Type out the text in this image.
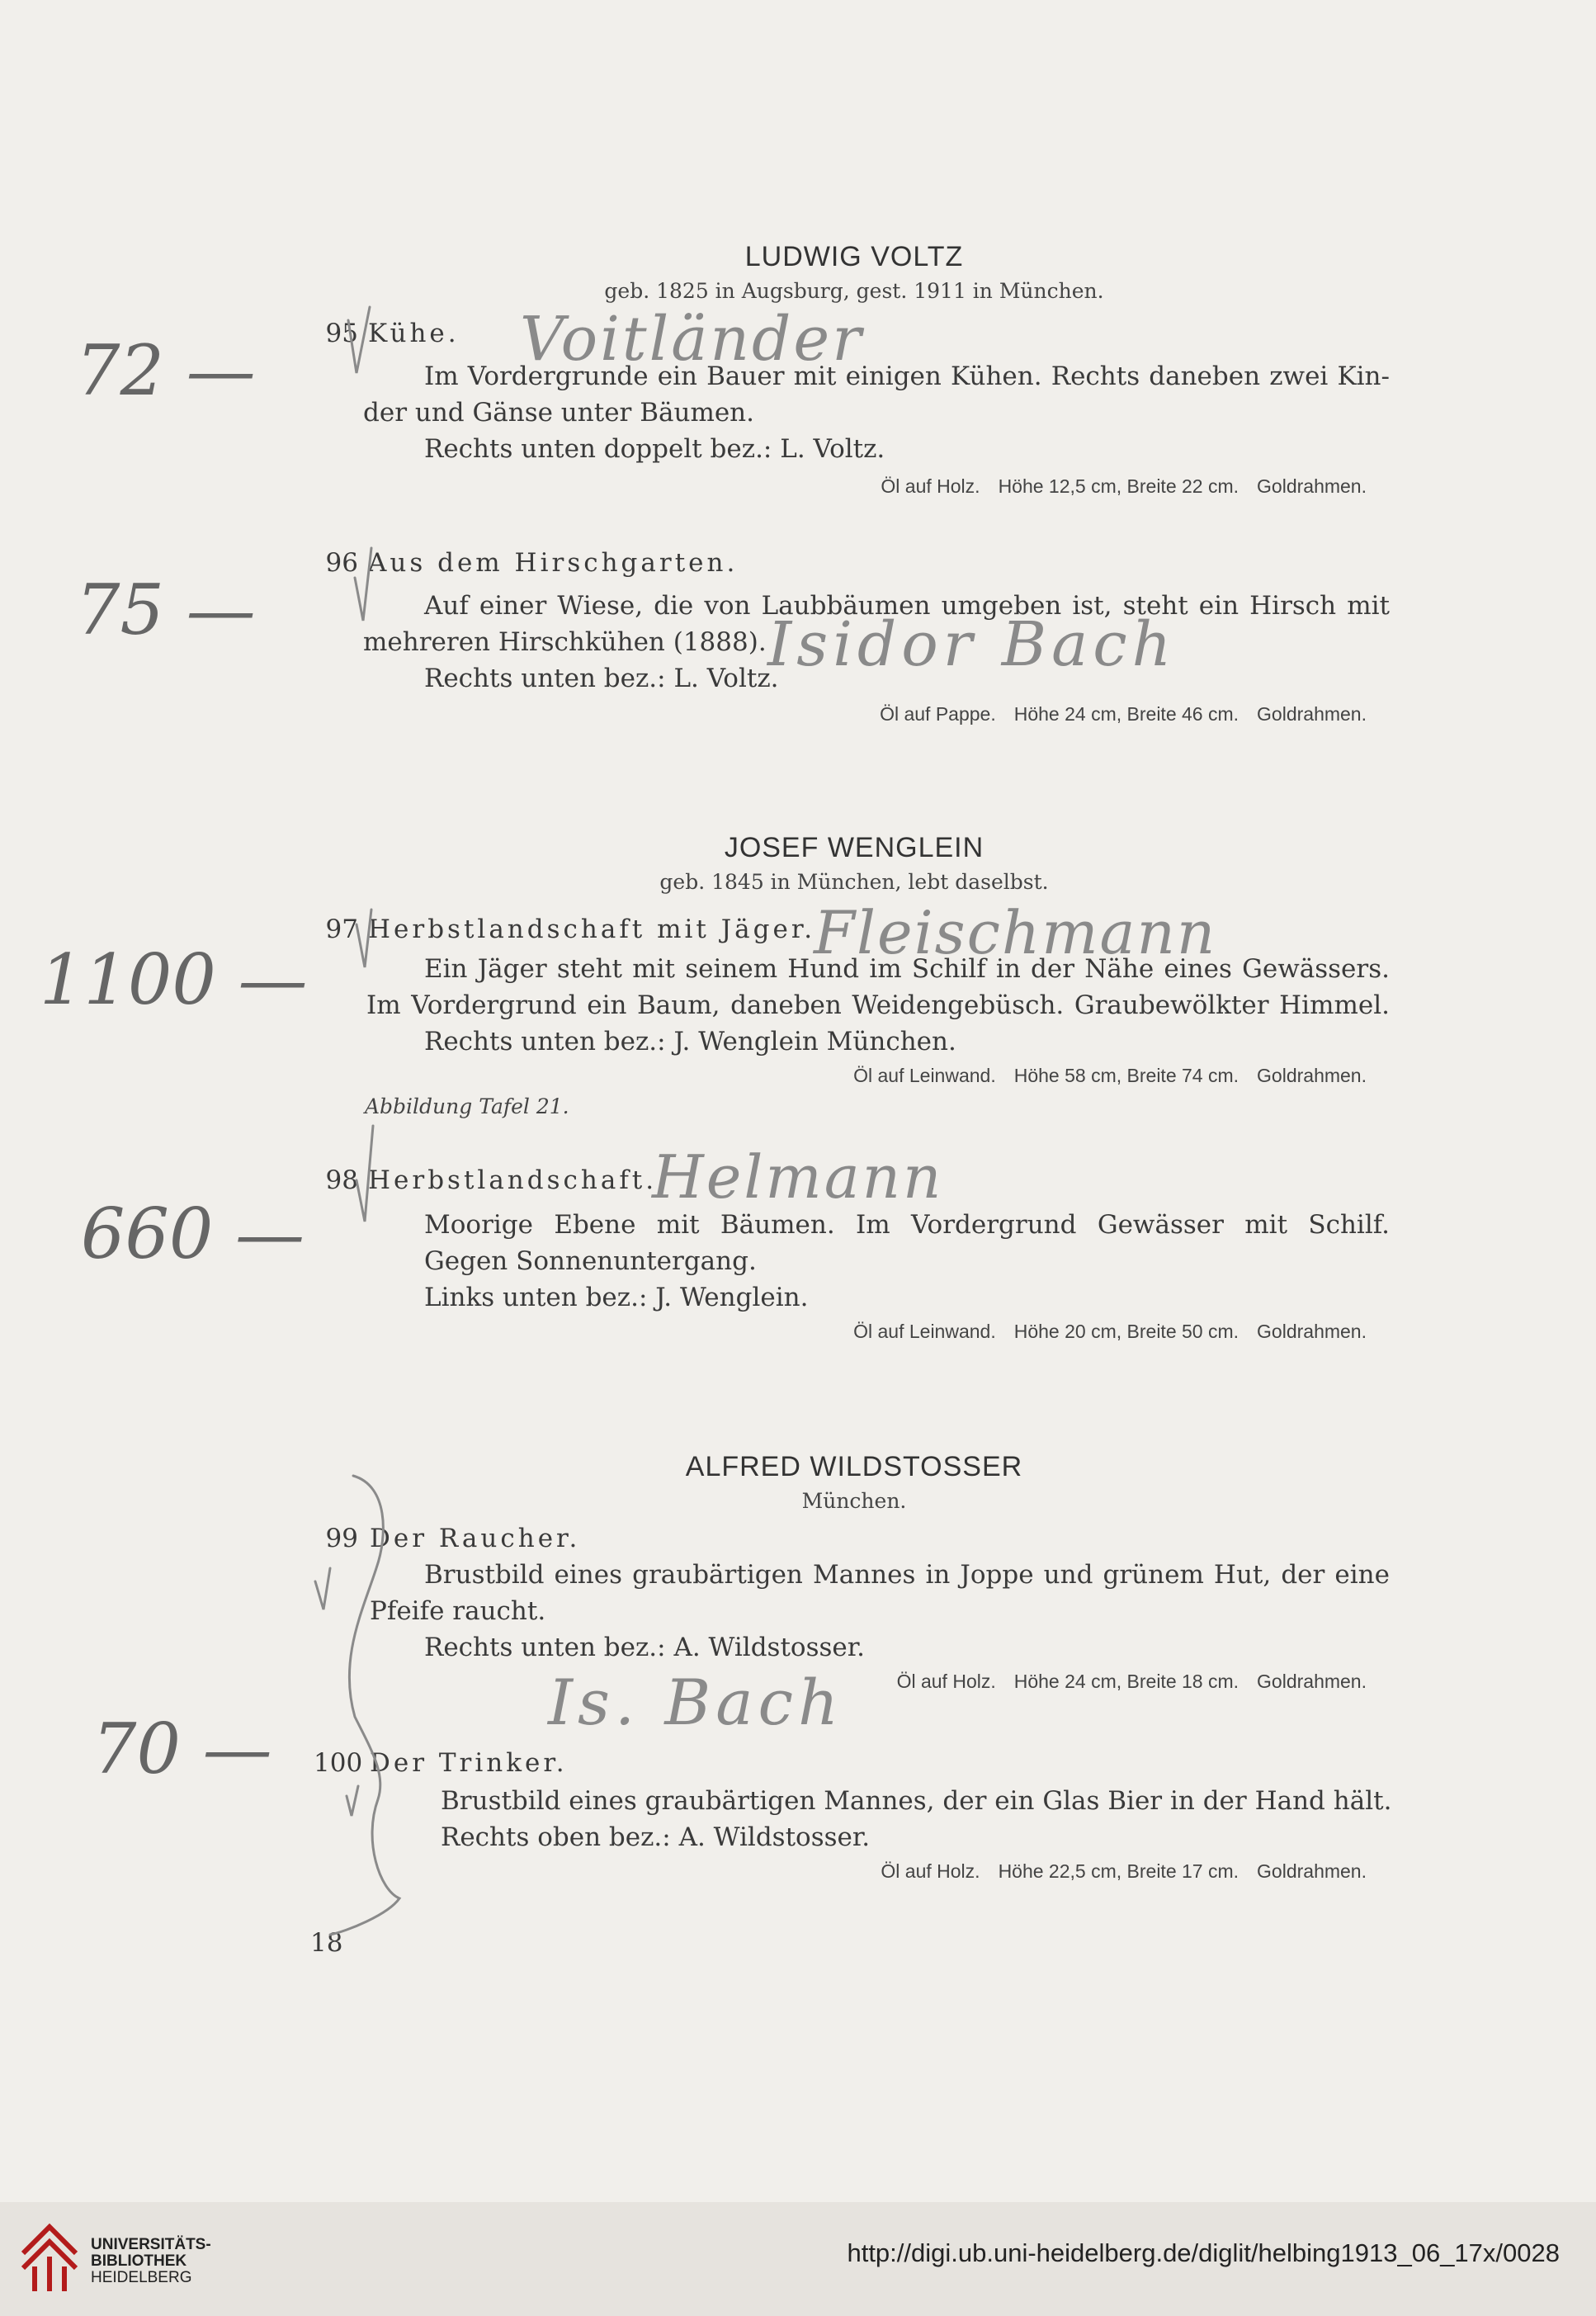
LUDWIG VOLTZ
geb. 1825 in Augsburg, gest. 1911 in München.
95 Kühe.
Im Vordergrunde ein Bauer mit einigen Kühen. Rechts daneben zwei Kin-
der und Gänse unter Bäumen.
Rechts unten doppelt bez.: L. Voltz.
Öl auf Holz. Höhe 12,5 cm, Breite 22 cm. Goldrahmen.
Voitländer
72 —
96 Aus dem Hirschgarten.
Auf einer Wiese, die von Laubbäumen umgeben ist, steht ein Hirsch mit
mehreren Hirschkühen (1888).
Rechts unten bez.: L. Voltz.
Öl auf Pappe. Höhe 24 cm, Breite 46 cm. Goldrahmen.
Isidor Bach
75 —
JOSEF WENGLEIN
geb. 1845 in München, lebt daselbst.
97 Herbstlandschaft mit Jäger.
Ein Jäger steht mit seinem Hund im Schilf in der Nähe eines Gewässers.
Im Vordergrund ein Baum, daneben Weidengebüsch. Graubewölkter Himmel.
Rechts unten bez.: J. Wenglein München.
Öl auf Leinwand. Höhe 58 cm, Breite 74 cm. Goldrahmen.
Abbildung Tafel 21.
Fleischmann
1100 —
98 Herbstlandschaft.
Moorige Ebene mit Bäumen. Im Vordergrund Gewässer mit Schilf.
Gegen Sonnenuntergang.
Links unten bez.: J. Wenglein.
Öl auf Leinwand. Höhe 20 cm, Breite 50 cm. Goldrahmen.
Helmann
660 —
ALFRED WILDSTOSSER
München.
99 Der Raucher.
Brustbild eines graubärtigen Mannes in Joppe und grünem Hut, der eine
Pfeife raucht.
Rechts unten bez.: A. Wildstosser.
Öl auf Holz. Höhe 24 cm, Breite 18 cm. Goldrahmen.
100 Der Trinker.
Brustbild eines graubärtigen Mannes, der ein Glas Bier in der Hand hält.
Rechts oben bez.: A. Wildstosser.
Öl auf Holz. Höhe 22,5 cm, Breite 17 cm. Goldrahmen.
Is. Bach
70 —
18
UNIVERSITÄTS-
BIBLIOTHEK
HEIDELBERG
http://digi.ub.uni-heidelberg.de/diglit/helbing1913_06_17x/0028
